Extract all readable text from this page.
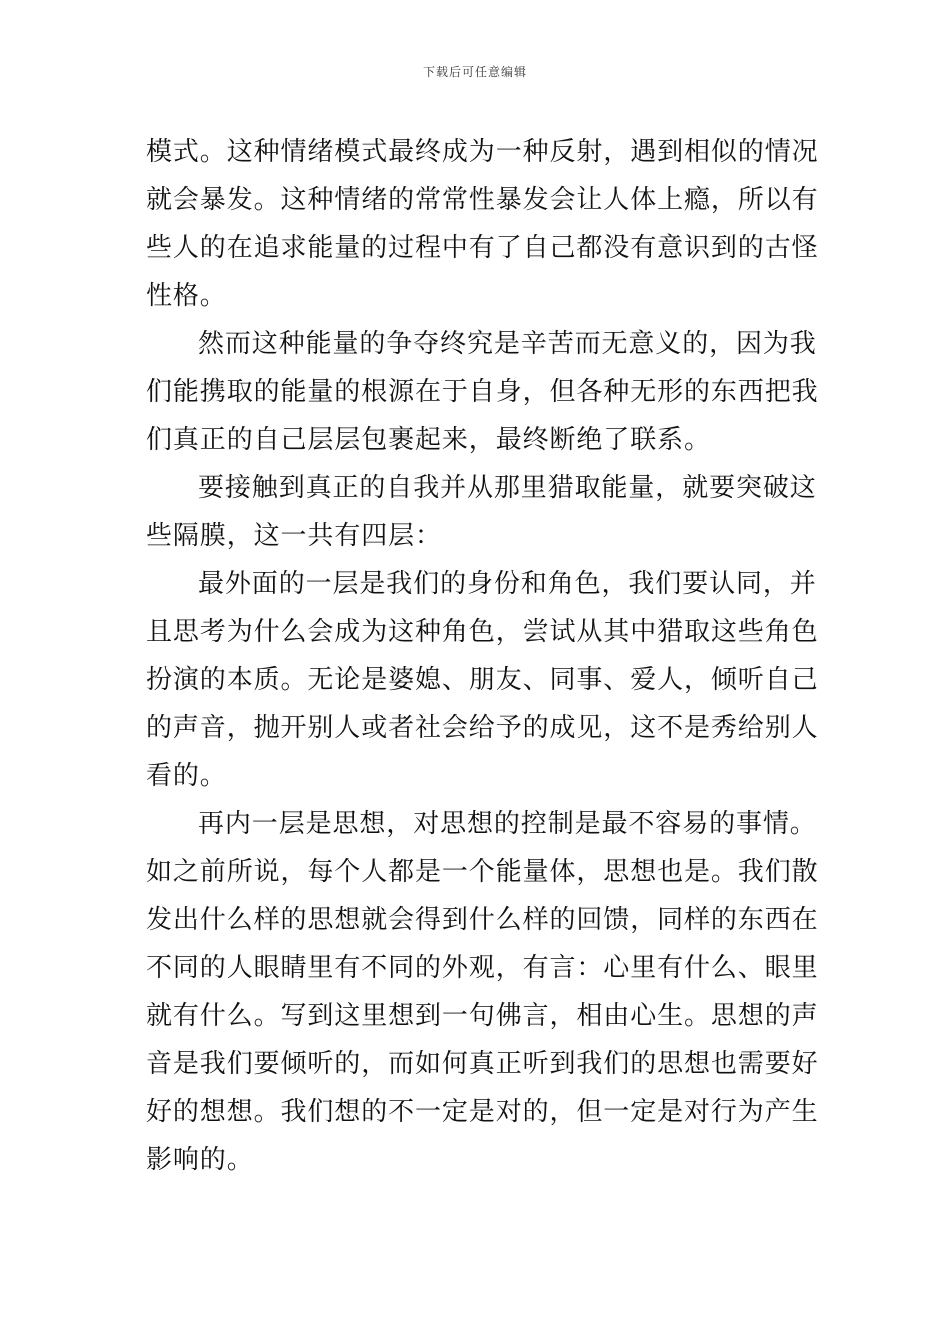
下载后可任意编辑
模式。这种情绪模式最终成为一种反射，遇到相似的情况
就会暴发。这种情绪的常常性暴发会让人体上瘾，所以有
些人的在追求能量的过程中有了自己都没有意识到的古怪
性格。
然而这种能量的争夺终究是辛苦而无意义的，因为我
们能携取的能量的根源在于自身，但各种无形的东西把我
们真正的自己层层包裹起来，最终断绝了联系。
要接触到真正的自我并从那里猎取能量，就要突破这
些隔膜，这一共有四层：
最外面的一层是我们的身份和角色，我们要认同，并
且思考为什么会成为这种角色，尝试从其中猎取这些角色
扮演的本质。无论是婆媳、朋友、同事、爱人，倾听自己
的声音，抛开别人或者社会给予的成见，这不是秀给别人
看的。
再内一层是思想，对思想的控制是最不容易的事情。
如之前所说，每个人都是一个能量体，思想也是。我们散
发出什么样的思想就会得到什么样的回馈，同样的东西在
不同的人眼睛里有不同的外观，有言：心里有什么、眼里
就有什么。写到这里想到一句佛言，相由心生。思想的声
音是我们要倾听的，而如何真正听到我们的思想也需要好
好的想想。我们想的不一定是对的，但一定是对行为产生
影响的。
